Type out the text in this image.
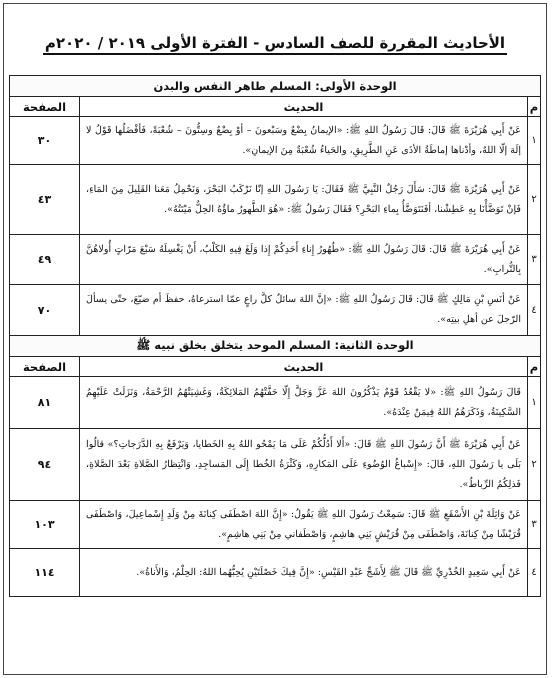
الأحاديث المقررة للصف السادس - الفترة الأولى ٢٠١٩ / ٢٠٢٠م
الوحدة الأولى: المسلم طاهر النفس والبدن		
م	الحديث	الصفحة
١	عَنْ أَبِي هُرَيْرَةَ ﷺ قَالَ: قَالَ رَسُولُ اللهِ ﷺ: «الإيمانُ بِضْعٌ وسَبْعونَ – أوْ بِضْعٌ وسِتُّونَ – شُعْبَةً، فَأفْضَلُها قَوْلُ لا إلَهَ إلّا اللهُ، وأدْناها إماطَةُ الأذَى عَنِ الطَّرِيقِ، والحَياءُ شُعْبَةٌ مِنَ الإيمانِ».	٣٠
٢	عَنْ أَبِي هُرَيْرَةَ ﷺ قَالَ: سَأَلَ رَجُلٌ النَّبِيَّ ﷺ فَقَالَ: يَا رَسُولَ اللهِ إنّا نَرْكَبُ البَحْرَ، وَنَحْمِلُ مَعَنا القَلِيلَ مِنَ المَاءِ، فَإنْ تَوَضَّأْنَا بِهِ عَطِشْنا، أفَنَتَوَضَّأُ بِماءِ البَحْرِ؟ فَقَالَ رَسُولُ ﷺ: «هُوَ الطَّهورُ ماؤُهُ الحِلُّ مَيْتَتُهُ».	٤٣
٣	عَنْ أَبِي هُرَيْرَةَ ﷺ قَالَ: قَالَ رَسُولُ اللهِ ﷺ: «طُهُورُ إِناءِ أَحَدِكُمْ إِذا وَلَغَ فِيهِ الكَلْبُ، أَنْ يَغْسِلَهُ سَبْعَ مَرّاتٍ أُولاهُنَّ بِالتُّرابِ».	٤٩
٤	عَنْ أنَسِ بْنِ مَالِكٍ ﷺ قَالَ: قَالَ رَسُولُ اللهِ ﷺ: «إنَّ اللهَ سائلٌ كلَّ راعٍ عمّا استرعاهُ، حفظَ أم ضيّعَ، حتّى يسألَ الرّجلَ عن أهلِ بيتِه».	٧٠
الوحدة الثانية: المسلم الموحد يتخلق بخلق نبيه ﷺ		
م	الحديث	الصفحة
١	قَالَ رَسُولُ اللهِ ﷺ: «لا يَقْعُدُ قَوْمٌ يَذْكُرُونَ اللهَ عَزَّ وَجَلَّ إِلّا حَفَّتْهُمُ المَلائِكَةُ، وَغَشِيَتْهُمُ الرَّحْمَةُ، وَنَزَلَتْ عَلَيْهِمُ السَّكِينَةُ، وَذَكَرَهُمُ اللهُ فِيمَنْ عِنْدَهُ».	٨١
٢	عَنْ أَبِي هُرَيْرَةَ ﷺ أَنَّ رَسُولَ اللهِ ﷺ قَالَ: «أَلا أَدُلُّكُمْ عَلَى مَا يَمْحُو اللهُ بِهِ الخَطايا، وَيَرْفَعُ بِهِ الدَّرَجاتِ؟» قالُوا بَلَى يا رَسُولَ اللهِ، قَالَ: «إِسْباغُ الوُضُوءِ عَلَى المَكارِهِ، وَكَثْرَةُ الخُطا إِلَى المَساجِدِ، وَانْتِظارُ الصَّلاةِ بَعْدَ الصَّلاةِ، فَذلِكُمُ الرِّباطُ».	٩٤
٣	عَنْ وَاثِلَةَ بْنِ الأَسْقَعِ ﷺ قَالَ: سَمِعْتُ رَسُولَ اللهِ ﷺ يَقُولُ: «إِنَّ اللهَ اصْطَفَى كِنانَةَ مِنْ وَلَدِ إِسْماعِيلَ، وَاصْطَفَى قُرَيْشًا مِنْ كِنانَةَ، وَاصْطَفَى مِنْ قُرَيْشٍ بَنِي هاشِمٍ، وَاصْطَفاني مِنْ بَنِي هاشِمٍ».	١٠٣
٤	عَنْ أَبِي سَعِيدٍ الخُدْرِيِّ ﷺ قَالَ ﷺ لِأَشَجِّ عَبْدِ القَيْسِ: «إِنَّ فِيكَ خَصْلَتَيْنِ يُحِبُّهُما اللهُ: الحِلْمُ، وَالأَناةُ».	١١٤
